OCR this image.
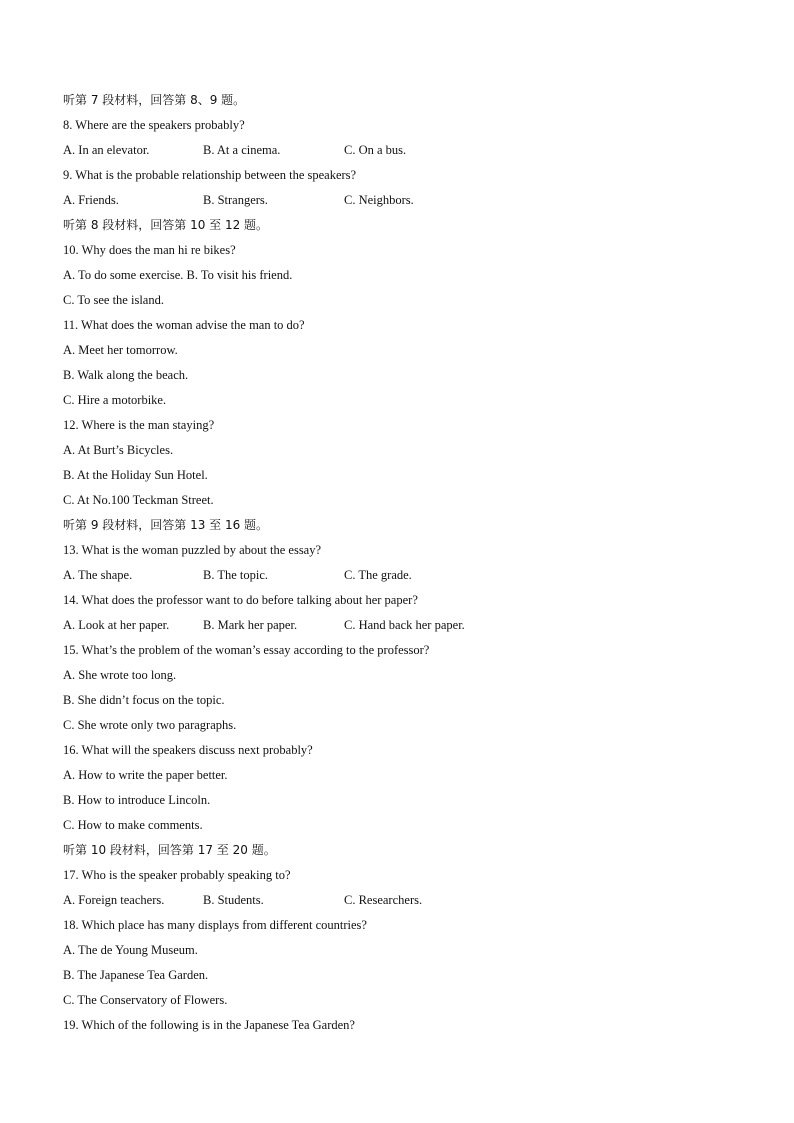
听第 7 段材料，回答第 8、9 题。
8. Where are the speakers probably?
A. In an elevator.	B. At a cinema.	C. On a bus.
9. What is the probable relationship between the speakers?
A. Friends.	B. Strangers.	C. Neighbors.
听第 8 段材料，回答第 10 至 12 题。
10. Why does the man hi re bikes?
A. To do some exercise. B. To visit his friend.
C. To see the island.
11. What does the woman advise the man to do?
A. Meet her tomorrow.
B. Walk along the beach.
C. Hire a motorbike.
12. Where is the man staying?
A. At Burt’s Bicycles.
B. At the Holiday Sun Hotel.
C. At No.100 Teckman Street.
听第 9 段材料，回答第 13 至 16 题。
13. What is the woman puzzled by about the essay?
A. The shape.	B. The topic.	C. The grade.
14. What does the professor want to do before talking about her paper?
A. Look at her paper.	B. Mark her paper.	C. Hand back her paper.
15. What’s the problem of the woman’s essay according to the professor?
A. She wrote too long.
B. She didn’t focus on the topic.
C. She wrote only two paragraphs.
16. What will the speakers discuss next probably?
A. How to write the paper better.
B. How to introduce Lincoln.
C. How to make comments.
听第 10 段材料，回答第 17 至 20 题。
17. Who is the speaker probably speaking to?
A. Foreign teachers.	B. Students.	C. Researchers.
18. Which place has many displays from different countries?
A. The de Young Museum.
B. The Japanese Tea Garden.
C. The Conservatory of Flowers.
19. Which of the following is in the Japanese Tea Garden?
